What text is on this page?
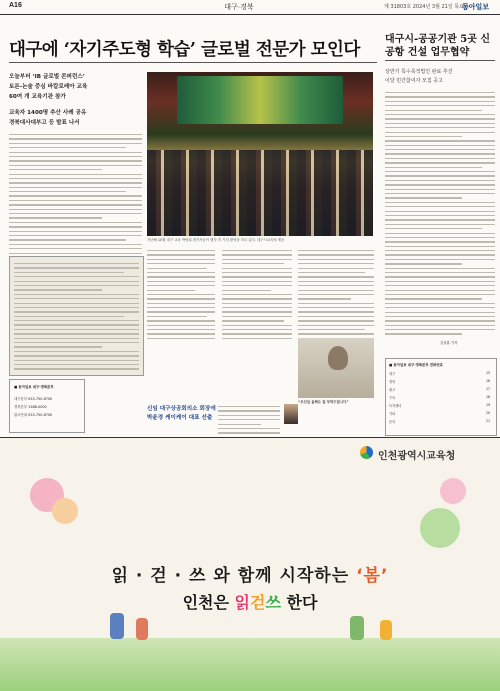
A16	대구·경북	제 31803호 2024년 3월 21일 목요일
동아일보
대구에 ‘자기주도형 학습’ 글로벌 전문가 모인다
오늘부터 ‘IB 글로벌 콘퍼런스’
토론-논술 중심 바칼로레아 교육
60여 개 교육기관 참가
교육자 1400명 추산 사례 공유
경북대사대부고 등 발표 나서
지난해 10월 대구 교육 박람회 참가자들이 행사 후 기념 촬영을 하고 있다. 대구시교육청 제공
“조선일 올해도 잘 부탁드립니다”
■ 동아일보 대구·경북본부
대구본부 053-750-6700
경북본부 1588-0000
광고안내 053-750-6700
신임 대구상공회의소 회장에
박윤경 케이케이 대표 선출
대구시-공공기관 5곳 신공항 건설 업무협약
상반기 특수목적법인 완료 추진
이달 민간참여자 모집 공고
김성훈 기자
■ 동아일보 대구·경북본부 전화번호
대구	15
경북	16
광고	17
구독	18
독자센터	19
기타	20
문의	21
인천광역시교육청
읽 · 걷 · 쓰 와 함께 시작하는 ‘봄’
인천은 읽걷쓰 한다
